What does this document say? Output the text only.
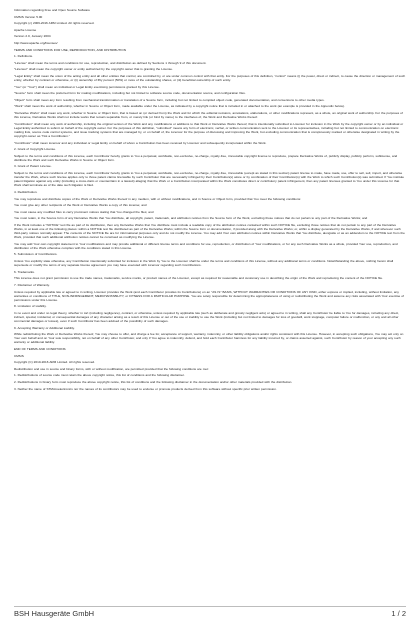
Information regarding Free and Open Source Software

CMSIS Version 5.00

Copyright (c) 2009-2016 ARM Limited. All rights reserved.

Apache License

Version 2.0, January 2004

http://www.apache.org/licenses/

TERMS AND CONDITIONS FOR USE, REPRODUCTION, AND DISTRIBUTION

1. Definitions.

"License" shall mean the terms and conditions for use, reproduction, and distribution as defined by Sections 1 through 9 of this document.

"Licensor" shall mean the copyright owner or entity authorized by the copyright owner that is granting the License.

"Legal Entity" shall mean the union of the acting entity and all other entities that control, are controlled by, or are under common control with that entity. For the purposes of this definition, "control" means (i) the power, direct or indirect, to cause the direction or management of such entity, whether by contract or otherwise, or (ii) ownership of fifty percent (50%) or more of the outstanding shares, or (iii) beneficial ownership of such entity.

"You" (or "Your") shall mean an individual or Legal Entity exercising permissions granted by this License.

"Source" form shall mean the preferred form for making modifications, including but not limited to software source code, documentation source, and configuration files.

"Object" form shall mean any form resulting from mechanical transformation or translation of a Source form, including but not limited to compiled object code, generated documentation, and conversions to other media types.

"Work" shall mean the work of authorship, whether in Source or Object form, made available under the License, as indicated by a copyright notice that is included in or attached to the work (an example is provided in the Appendix below).

"Derivative Works" shall mean any work, whether in Source or Object form, that is based on (or derived from) the Work and for which the editorial revisions, annotations, elaborations, or other modifications represent, as a whole, an original work of authorship. For the purposes of this License, Derivative Works shall not include works that remain separable from, or merely link (or bind by name) to the interfaces of, the Work and Derivative Works thereof.

"Contribution" shall mean any work of authorship, including the original version of the Work and any modifications or additions to that Work or Derivative Works thereof, that is intentionally submitted to Licensor for inclusion in the Work by the copyright owner or by an individual or Legal Entity authorized to submit on behalf of the copyright owner. For the purposes of this definition, "submitted" means any form of electronic, verbal, or written communication sent to the Licensor or its representatives, including but not limited to communication on electronic mailing lists, source code control systems, and issue tracking systems that are managed by, or on behalf of, the Licensor for the purpose of discussing and improving the Work, but excluding communication that is conspicuously marked or otherwise designated in writing by the copyright owner as "Not a Contribution."

"Contributor" shall mean Licensor and any individual or Legal Entity on behalf of whom a Contribution has been received by Licensor and subsequently incorporated within the Work.

2. Grant of Copyright License.

Subject to the terms and conditions of this License, each Contributor hereby grants to You a perpetual, worldwide, non-exclusive, no-charge, royalty-free, irrevocable copyright license to reproduce, prepare Derivative Works of, publicly display, publicly perform, sublicense, and distribute the Work and such Derivative Works in Source or Object form.

3. Grant of Patent License.

Subject to the terms and conditions of this License, each Contributor hereby grants to You a perpetual, worldwide, non-exclusive, no-charge, royalty-free, irrevocable (except as stated in this section) patent license to make, have made, use, offer to sell, sell, import, and otherwise transfer the Work, where such license applies only to those patent claims licensable by such Contributor that are necessarily infringed by their Contribution(s) alone or by combination of their Contribution(s) with the Work to which such Contribution(s) was submitted. If You institute patent litigation against any entity (including a cross-claim or counterclaim in a lawsuit) alleging that the Work or a Contribution incorporated within the Work constitutes direct or contributory patent infringement, then any patent licenses granted to You under this License for that Work shall terminate as of the date such litigation is filed.

4. Redistribution.

You may reproduce and distribute copies of the Work or Derivative Works thereof in any medium, with or without modifications, and in Source or Object form, provided that You meet the following conditions:

You must give any other recipients of the Work or Derivative Works a copy of this License; and

You must cause any modified files to carry prominent notices stating that You changed the files; and

You must retain, in the Source form of any Derivative Works that You distribute, all copyright, patent, trademark, and attribution notices from the Source form of the Work, excluding those notices that do not pertain to any part of the Derivative Works; and

If the Work includes a "NOTICE" text file as part of its distribution, then any Derivative Works that You distribute must include a readable copy of the attribution notices contained within such NOTICE file, excluding those notices that do not pertain to any part of the Derivative Works, in at least one of the following places: within a NOTICE text file distributed as part of the Derivative Works; within the Source form or documentation, if provided along with the Derivative Works; or, within a display generated by the Derivative Works, if and wherever such third-party notices normally appear. The contents of the NOTICE file are for informational purposes only and do not modify the License. You may add Your own attribution notices within Derivative Works that You distribute, alongside or as an addendum to the NOTICE text from the Work, provided that such additional attribution notices cannot be construed as modifying the License.

You may add Your own copyright statement to Your modifications and may provide additional or different license terms and conditions for use, reproduction, or distribution of Your modifications, or for any such Derivative Works as a whole, provided Your use, reproduction, and distribution of the Work otherwise complies with the conditions stated in this License.

5. Submission of Contributions.

Unless You explicitly state otherwise, any Contribution intentionally submitted for inclusion in the Work by You to the Licensor shall be under the terms and conditions of this License, without any additional terms or conditions. Notwithstanding the above, nothing herein shall supersede or modify the terms of any separate license agreement you may have executed with Licensor regarding such Contributions.

6. Trademarks.

This License does not grant permission to use the trade names, trademarks, service marks, or product names of the Licensor, except as required for reasonable and customary use in describing the origin of the Work and reproducing the content of the NOTICE file.

7. Disclaimer of Warranty.

Unless required by applicable law or agreed to in writing, Licensor provides the Work (and each Contributor provides its Contributions) on an "AS IS" BASIS, WITHOUT WARRANTIES OR CONDITIONS OF ANY KIND, either express or implied, including, without limitation, any warranties or conditions of TITLE, NON-INFRINGEMENT, MERCHANTABILITY, or FITNESS FOR A PARTICULAR PURPOSE. You are solely responsible for determining the appropriateness of using or redistributing the Work and assume any risks associated with Your exercise of permissions under this License.

8. Limitation of Liability.

In no event and under no legal theory, whether in tort (including negligence), contract, or otherwise, unless required by applicable law (such as deliberate and grossly negligent acts) or agreed to in writing, shall any Contributor be liable to You for damages, including any direct, indirect, special, incidental, or consequential damages of any character arising as a result of this License or out of the use or inability to use the Work (including but not limited to damages for loss of goodwill, work stoppage, computer failure or malfunction, or any and all other commercial damages or losses), even if such Contributor has been advised of the possibility of such damages.

9. Accepting Warranty or Additional Liability.

While redistributing the Work or Derivative Works thereof, You may choose to offer, and charge a fee for, acceptance of support, warranty, indemnity, or other liability obligations and/or rights consistent with this License. However, in accepting such obligations, You may act only on Your own behalf and on Your sole responsibility, not on behalf of any other Contributor, and only if You agree to indemnify, defend, and hold each Contributor harmless for any liability incurred by, or claims asserted against, such Contributor by reason of your accepting any such warranty or additional liability.

END OF TERMS AND CONDITIONS

CMSIS

Copyright (C) 2010-2016 ARM Limited. All rights reserved.

Redistribution and use in source and binary forms, with or without modification, are permitted provided that the following conditions are met:

1. Redistributions of source code must retain the above copyright notice, this list of conditions and the following disclaimer.

2. Redistributions in binary form must reproduce the above copyright notice, this list of conditions and the following disclaimer in the documentation and/or other materials provided with the distribution.

3. Neither the name of STMicroelectronics nor the names of its contributors may be used to endorse or promote products derived from this software without specific prior written permission.

BSH Hausgeräte GmbH	1 / 2
